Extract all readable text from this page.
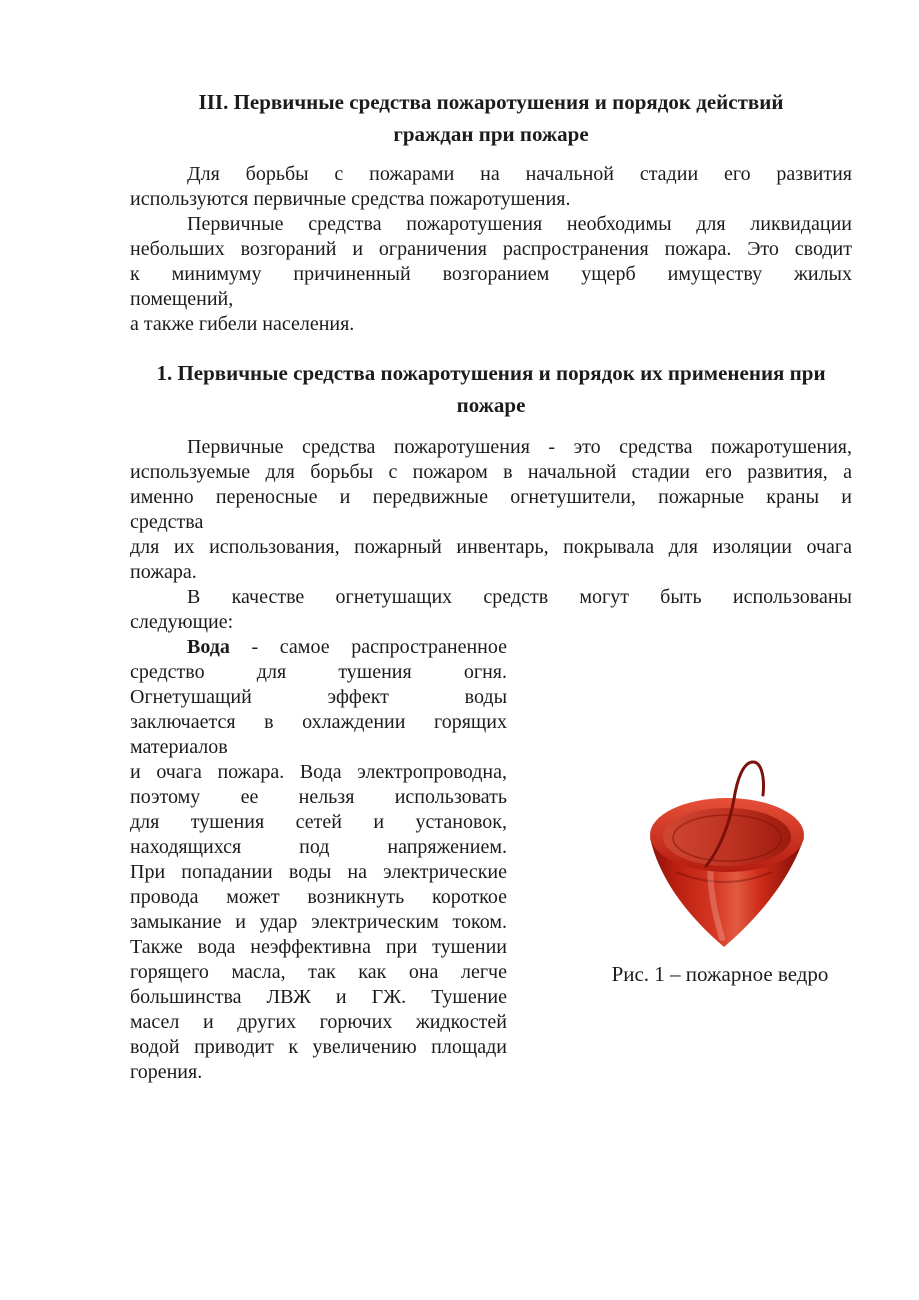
III. Первичные средства пожаротушения и порядок действий
граждан при пожаре
Для борьбы с пожарами на начальной стадии его развития
используются первичные средства пожаротушения.
Первичные средства пожаротушения необходимы для ликвидации
небольших возгораний и ограничения распространения пожара. Это сводит
к минимуму причиненный возгоранием ущерб имуществу жилых
помещений,
а также гибели населения.
1. Первичные средства пожаротушения и порядок их применения при
пожаре
Первичные средства пожаротушения - это средства пожаротушения,
используемые для борьбы с пожаром в начальной стадии его развития, а
именно переносные и передвижные огнетушители, пожарные краны и
средства
для их использования, пожарный инвентарь, покрывала для изоляции очага
пожара.
В качестве огнетушащих средств могут быть использованы
следующие:
Вода - самое распространенное
средство для тушения огня.
Огнетушащий эффект воды
заключается в охлаждении горящих
материалов
и очага пожара. Вода электропроводна,
поэтому ее нельзя использовать
для тушения сетей и установок,
находящихся под напряжением.
При попадании воды на электрические
провода может возникнуть короткое
замыкание и удар электрическим током.
Также вода неэффективна при тушении
горящего масла, так как она легче
большинства ЛВЖ и ГЖ. Тушение
масел и других горючих жидкостей
водой приводит к увеличению площади
горения.
Рис. 1 – пожарное ведро
